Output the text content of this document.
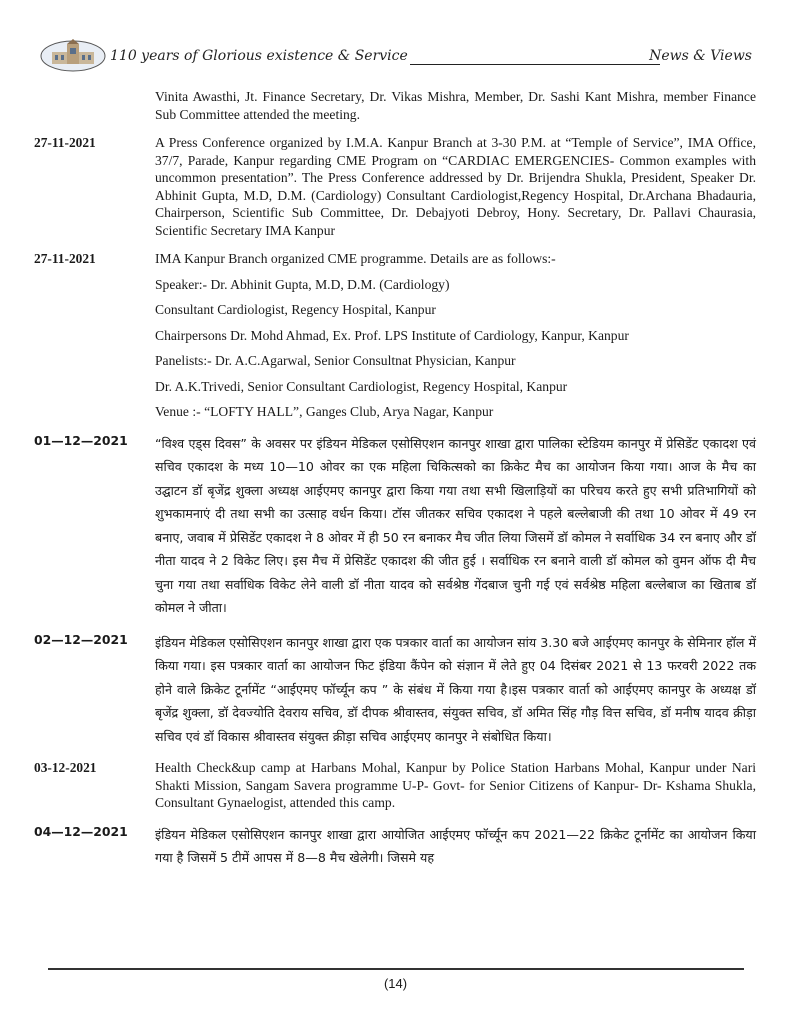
110 years of Glorious existence & Service	News & Views
Vinita Awasthi, Jt. Finance Secretary, Dr. Vikas Mishra, Member, Dr. Sashi Kant Mishra, member Finance Sub Committee attended the meeting.
27-11-2021	A Press Conference organized by I.M.A. Kanpur Branch at 3-30 P.M. at “Temple of Service”, IMA Office, 37/7, Parade, Kanpur regarding CME Program on “CARDIAC EMERGENCIES- Common examples with uncommon presentation”. The Press Conference addressed by Dr. Brijendra Shukla, President, Speaker Dr. Abhinit Gupta, M.D, D.M. (Cardiology) Consultant Cardiologist,Regency Hospital, Dr.Archana Bhadauria, Chairperson, Scientific Sub Committee, Dr. Debajyoti Debroy, Hony. Secretary, Dr. Pallavi Chaurasia, Scientific Secretary IMA Kanpur
27-11-2021	IMA Kanpur Branch organized CME programme. Details are as follows:-
Speaker:- Dr. Abhinit Gupta, M.D, D.M. (Cardiology)
Consultant Cardiologist, Regency Hospital, Kanpur
Chairpersons Dr. Mohd Ahmad, Ex. Prof. LPS Institute of Cardiology, Kanpur, Kanpur
Panelists:- Dr. A.C.Agarwal, Senior Consultnat Physician, Kanpur
Dr. A.K.Trivedi, Senior Consultant Cardiologist, Regency Hospital, Kanpur
Venue :- “LOFTY HALL”, Ganges Club, Arya Nagar, Kanpur
01—12—2021	“विश्व एड्स दिवस” के अवसर पर इंडियन मेडिकल एसोसिएशन कानपुर शाखा द्वारा पालिका स्टेडियम कानपुर में प्रेसिडेंट एकादश एवं सचिव एकादश के मध्य 10—10 ओवर का एक महिला चिकित्सको का क्रिकेट मैच का आयोजन किया गया। आज के मैच का उद्घाटन डॉ बृजेंद्र शुक्ला अध्यक्ष आईएमए कानपुर द्वारा किया गया तथा सभी खिलाड़ियों का परिचय करते हुए सभी प्रतिभागियों को शुभकामनाएं दी तथा सभी का उत्साह वर्धन किया। टॉस जीतकर सचिव एकादश ने पहले बल्लेबाजी की तथा 10 ओवर में 49 रन बनाए, जवाब में प्रेसिडेंट एकादश ने 8 ओवर में ही 50 रन बनाकर मैच जीत लिया जिसमें डॉ कोमल ने सर्वाधिक 34 रन बनाए और डॉ नीता यादव ने 2 विकेट लिए। इस मैच में प्रेसिडेंट एकादश की जीत हुई । सर्वाधिक रन बनाने वाली डॉ कोमल को वुमन ऑफ दी मैच चुना गया तथा सर्वाधिक विकेट लेने वाली डॉ नीता यादव को सर्वश्रेष्ठ गेंदबाज चुनी गई एवं सर्वश्रेष्ठ महिला बल्लेबाज का खिताब डॉ कोमल ने जीता।
02—12—2021	इंडियन मेडिकल एसोसिएशन कानपुर शाखा द्वारा एक पत्रकार वार्ता का आयोजन सांय 3.30 बजे आईएमए कानपुर के सेमिनार हॉल में किया गया। इस पत्रकार वार्ता का आयोजन फिट इंडिया कैंपेन को संज्ञान में लेते हुए 04 दिसंबर 2021 से 13 फरवरी 2022 तक होने वाले क्रिकेट टूर्नामेंट “आईएमए फॉर्च्यून कप ” के संबंध में किया गया है।इस पत्रकार वार्ता को आईएमए कानपुर के अध्यक्ष डॉ बृजेंद्र शुक्ला, डॉ देवज्योति देवराय सचिव, डॉ दीपक श्रीवास्तव, संयुक्त सचिव, डॉ अमित सिंह गौड़ वित्त सचिव, डॉ मनीष यादव क्रीड़ा सचिव एवं डॉ विकास श्रीवास्तव संयुक्त क्रीड़ा सचिव आईएमए कानपुर ने संबोधित किया।
03-12-2021	Health Check&up camp at Harbans Mohal, Kanpur by Police Station Harbans Mohal, Kanpur under Nari Shakti Mission, Sangam Savera programme U-P- Govt- for Senior Citizens of Kanpur- Dr- Kshama Shukla, Consultant Gynaelogist, attended this camp.
04—12—2021	इंडियन मेडिकल एसोसिएशन कानपुर शाखा द्वारा आयोजित आईएमए फॉर्च्यून कप 2021—22 क्रिकेट टूर्नामेंट का आयोजन किया गया है जिसमें 5 टीमें आपस में 8—8 मैच खेलेगी। जिसमे यह
(14)
